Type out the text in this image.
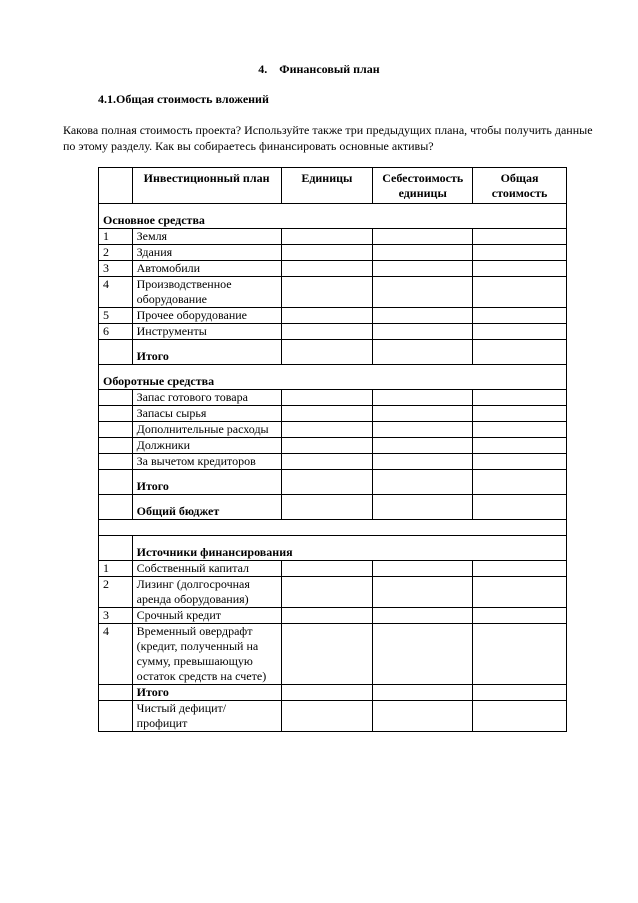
4. Финансовый план
4.1.Общая стоимость вложений
Какова полная стоимость проекта? Используйте также три предыдущих плана, чтобы получить данные по этому разделу. Как вы собираетесь финансировать основные активы?
	Инвестиционный план	Единицы	Себестоимость единицы	Общая стоимость
Основное средства				
1	Земля			
2	Здания			
3	Автомобили			
4	Производственное оборудование			
5	Прочее оборудование			
6	Инструменты			
	Итого			
Оборотные средства				
	Запас готового товара			
	Запасы сырья			
	Дополнительные расходы			
	Должники			
	За вычетом кредиторов			
	Итого			
	Общий бюджет			

	Источники финансирования			
1	Собственный капитал			
2	Лизинг (долгосрочная аренда оборудования)			
3	Срочный кредит			
4	Временный овердрафт (кредит, полученный на сумму, превышающую остаток средств на счете)			
	Итого			
	Чистый дефицит/ профицит			
